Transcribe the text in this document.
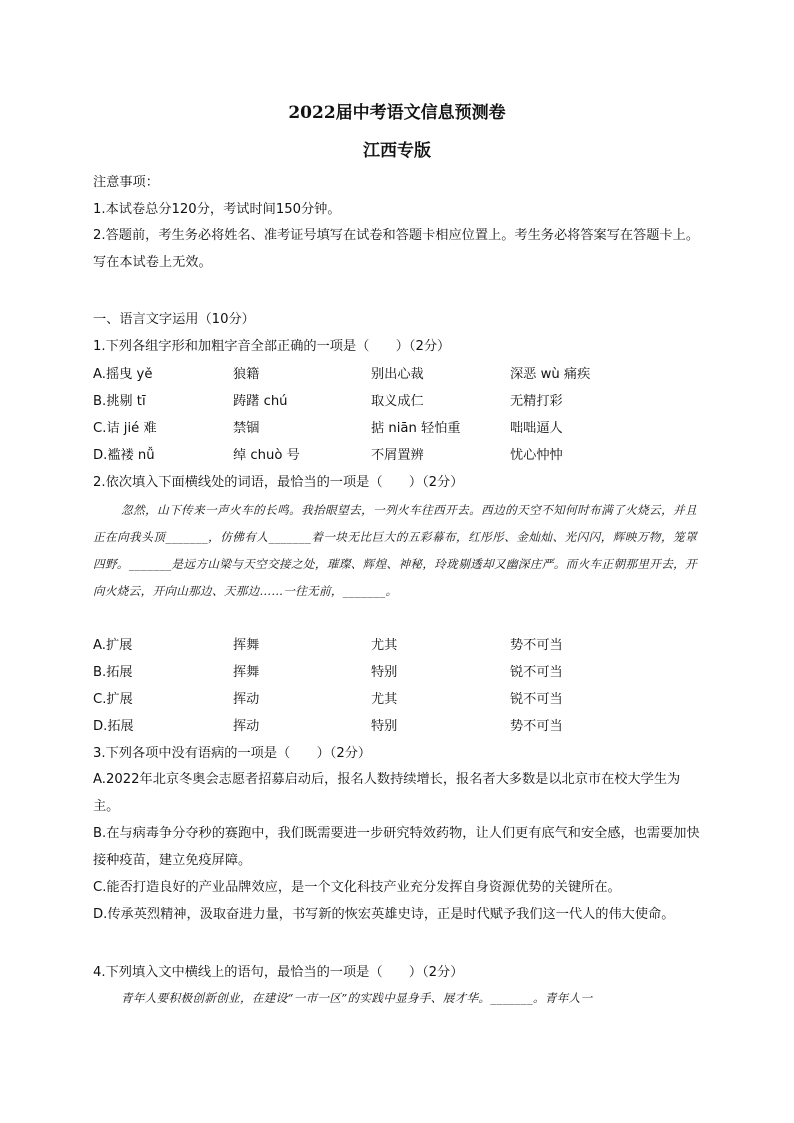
2022届中考语文信息预测卷
江西专版
注意事项：
1.本试卷总分120分，考试时间150分钟。
2.答题前，考生务必将姓名、准考证号填写在试卷和答题卡相应位置上。考生务必将答案写在答题卡上。写在本试卷上无效。
一、语言文字运用（10分）
1.下列各组字形和加粗字音全部正确的一项是（　　）（2分）
A.摇曳 yě	狼籍	别出心裁	深恶 wù 痛疾
B.挑剔 tī	踌躇 chú	取义成仁	无精打彩
C.诘 jié 难	禁锢	掂 niān 轻怕重	咄咄逼人
D.褴褛 nǚ	绰 chuò 号	不屑置辨	忧心忡忡
2.依次填入下面横线处的词语，最恰当的一项是（　　）（2分）
忽然，山下传来一声火车的长鸣。我抬眼望去，一列火车往西开去。西边的天空不知何时布满了火烧云，并且正在向我头顶_______，仿佛有人_______着一块无比巨大的五彩幕布，红彤彤、金灿灿、光闪闪，辉映万物，笼罩四野。_______是远方山梁与天空交接之处，璀璨、辉煌、神秘，玲珑剔透却又幽深庄严。而火车正朝那里开去，开向火烧云，开向山那边、天那边……一往无前，_______。
A.扩展	挥舞	尤其	势不可当
B.拓展	挥舞	特别	锐不可当
C.扩展	挥动	尤其	锐不可当
D.拓展	挥动	特别	势不可当
3.下列各项中没有语病的一项是（　　）（2分）
A.2022年北京冬奥会志愿者招募启动后，报名人数持续增长，报名者大多数是以北京市在校大学生为主。
B.在与病毒争分夺秒的赛跑中，我们既需要进一步研究特效药物，让人们更有底气和安全感，也需要加快接种疫苗，建立免疫屏障。
C.能否打造良好的产业品牌效应，是一个文化科技产业充分发挥自身资源优势的关键所在。
D.传承英烈精神，汲取奋进力量，书写新的恢宏英雄史诗，正是时代赋予我们这一代人的伟大使命。
4.下列填入文中横线上的语句，最恰当的一项是（　　）（2分）
青年人要积极创新创业，在建设“一市一区”的实践中显身手、展才华。_______。青年人一
